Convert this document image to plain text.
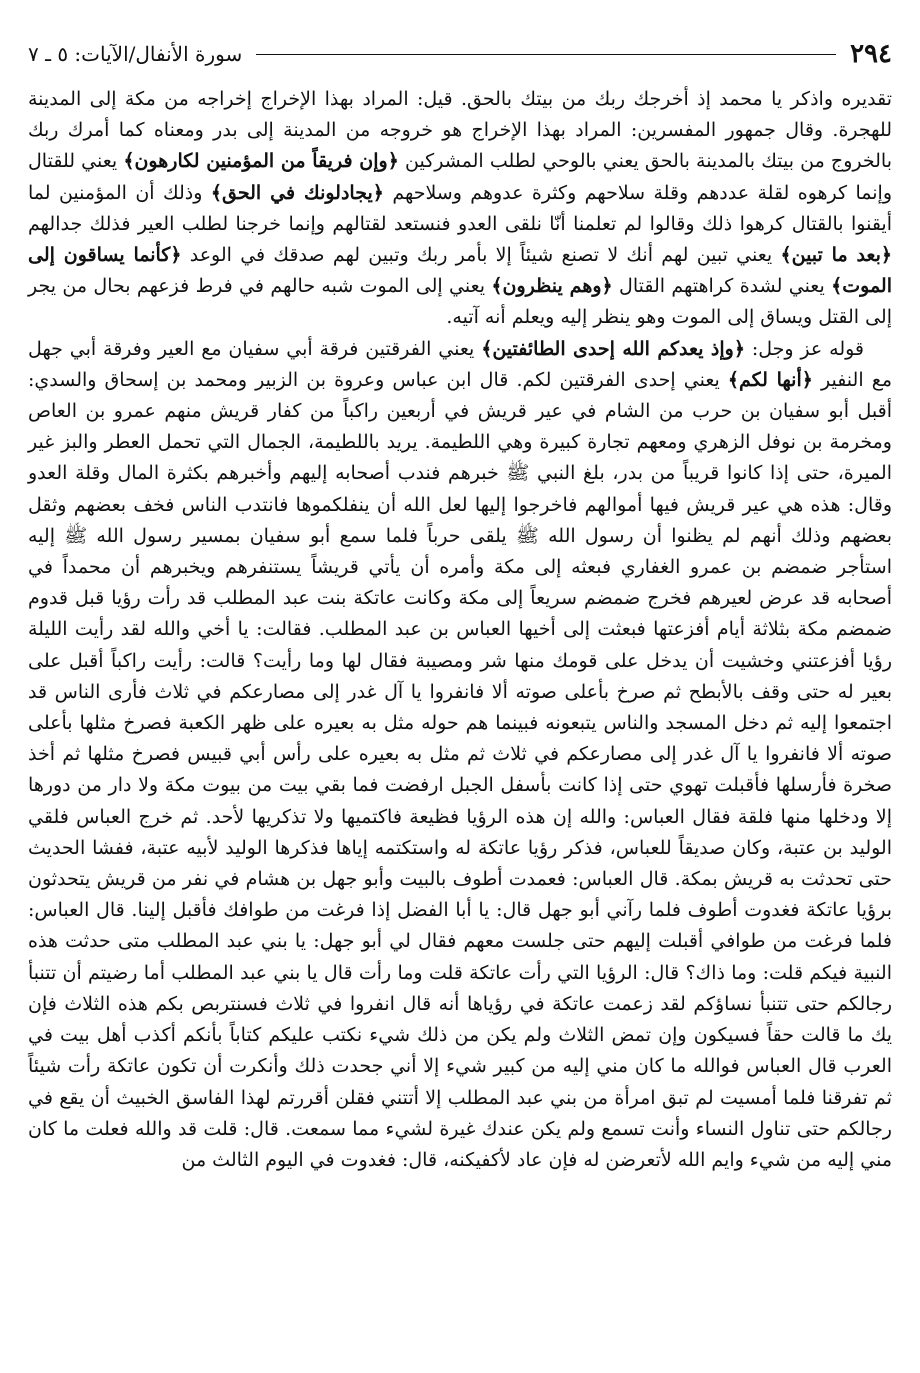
٢٩٤
سورة الأنفال/الآيات: ٥ ـ ٧

تقديره واذكر يا محمد إذ أخرجك ربك من بيتك بالحق. قيل: المراد بهذا الإخراج إخراجه من مكة إلى المدينة للهجرة. وقال جمهور المفسرين: المراد بهذا الإخراج هو خروجه من المدينة إلى بدر ومعناه كما أمرك ربك بالخروج من بيتك بالمدينة بالحق يعني بالوحي لطلب المشركين ﴿وإن فريقاً من المؤمنين لكارهون﴾ يعني للقتال وإنما كرهوه لقلة عددهم وقلة سلاحهم وكثرة عدوهم وسلاحهم ﴿يجادلونك في الحق﴾ وذلك أن المؤمنين لما أيقنوا بالقتال كرهوا ذلك وقالوا لم تعلمنا أنّا نلقى العدو فنستعد لقتالهم وإنما خرجنا لطلب العير فذلك جدالهم ﴿بعد ما تبين﴾ يعني تبين لهم أنك لا تصنع شيئاً إلا بأمر ربك وتبين لهم صدقك في الوعد ﴿كأنما يساقون إلى الموت﴾ يعني لشدة كراهتهم القتال ﴿وهم ينظرون﴾ يعني إلى الموت شبه حالهم في فرط فزعهم بحال من يجر إلى القتل ويساق إلى الموت وهو ينظر إليه ويعلم أنه آتيه.

قوله عز وجل: ﴿وإذ يعدكم الله إحدى الطائفتين﴾ يعني الفرقتين فرقة أبي سفيان مع العير وفرقة أبي جهل مع النفير ﴿أنها لكم﴾ يعني إحدى الفرقتين لكم. قال ابن عباس وعروة بن الزبير ومحمد بن إسحاق والسدي: أقبل أبو سفيان بن حرب من الشام في عير قريش في أربعين راكباً من كفار قريش منهم عمرو بن العاص ومخرمة بن نوفل الزهري ومعهم تجارة كبيرة وهي اللطيمة. يريد باللطيمة، الجمال التي تحمل العطر والبز غير الميرة، حتى إذا كانوا قريباً من بدر، بلغ النبي ﷺ خبرهم فندب أصحابه إليهم وأخبرهم بكثرة المال وقلة العدو وقال: هذه هي عير قريش فيها أموالهم فاخرجوا إليها لعل الله أن ينفلكموها فانتدب الناس فخف بعضهم وثقل بعضهم وذلك أنهم لم يظنوا أن رسول الله ﷺ يلقى حرباً فلما سمع أبو سفيان بمسير رسول الله ﷺ إليه استأجر ضمضم بن عمرو الغفاري فبعثه إلى مكة وأمره أن يأتي قريشاً يستنفرهم ويخبرهم أن محمداً في أصحابه قد عرض لعيرهم فخرج ضمضم سريعاً إلى مكة وكانت عاتكة بنت عبد المطلب قد رأت رؤيا قبل قدوم ضمضم مكة بثلاثة أيام أفزعتها فبعثت إلى أخيها العباس بن عبد المطلب. فقالت: يا أخي والله لقد رأيت الليلة رؤيا أفزعتني وخشيت أن يدخل على قومك منها شر ومصيبة فقال لها وما رأيت؟ قالت: رأيت راكباً أقبل على بعير له حتى وقف بالأبطح ثم صرخ بأعلى صوته ألا فانفروا يا آل غدر إلى مصارعكم في ثلاث فأرى الناس قد اجتمعوا إليه ثم دخل المسجد والناس يتبعونه فبينما هم حوله مثل به بعيره على ظهر الكعبة فصرخ مثلها بأعلى صوته ألا فانفروا يا آل غدر إلى مصارعكم في ثلاث ثم مثل به بعيره على رأس أبي قبيس فصرخ مثلها ثم أخذ صخرة فأرسلها فأقبلت تهوي حتى إذا كانت بأسفل الجبل ارفضت فما بقي بيت من بيوت مكة ولا دار من دورها إلا ودخلها منها فلقة فقال العباس: والله إن هذه الرؤيا فظيعة فاكتميها ولا تذكريها لأحد. ثم خرج العباس فلقي الوليد بن عتبة، وكان صديقاً للعباس، فذكر رؤيا عاتكة له واستكتمه إياها فذكرها الوليد لأبيه عتبة، ففشا الحديث حتى تحدثت به قريش بمكة. قال العباس: فعمدت أطوف بالبيت وأبو جهل بن هشام في نفر من قريش يتحدثون برؤيا عاتكة فغدوت أطوف فلما رآني أبو جهل قال: يا أبا الفضل إذا فرغت من طوافك فأقبل إلينا. قال العباس: فلما فرغت من طوافي أقبلت إليهم حتى جلست معهم فقال لي أبو جهل: يا بني عبد المطلب متى حدثت هذه النبية فيكم قلت: وما ذاك؟ قال: الرؤيا التي رأت عاتكة قلت وما رأت قال يا بني عبد المطلب أما رضيتم أن تتنبأ رجالكم حتى تتنبأ نساؤكم لقد زعمت عاتكة في رؤياها أنه قال انفروا في ثلاث فسنتربص بكم هذه الثلاث فإن يك ما قالت حقاً فسيكون وإن تمض الثلاث ولم يكن من ذلك شيء نكتب عليكم كتاباً بأنكم أكذب أهل بيت في العرب قال العباس فوالله ما كان مني إليه من كبير شيء إلا أني جحدت ذلك وأنكرت أن تكون عاتكة رأت شيئاً ثم تفرقنا فلما أمسيت لم تبق امرأة من بني عبد المطلب إلا أتتني فقلن أقررتم لهذا الفاسق الخبيث أن يقع في رجالكم حتى تناول النساء وأنت تسمع ولم يكن عندك غيرة لشيء مما سمعت. قال: قلت قد والله فعلت ما كان مني إليه من شيء وايم الله لأتعرضن له فإن عاد لأكفيكنه، قال: فغدوت في اليوم الثالث من
